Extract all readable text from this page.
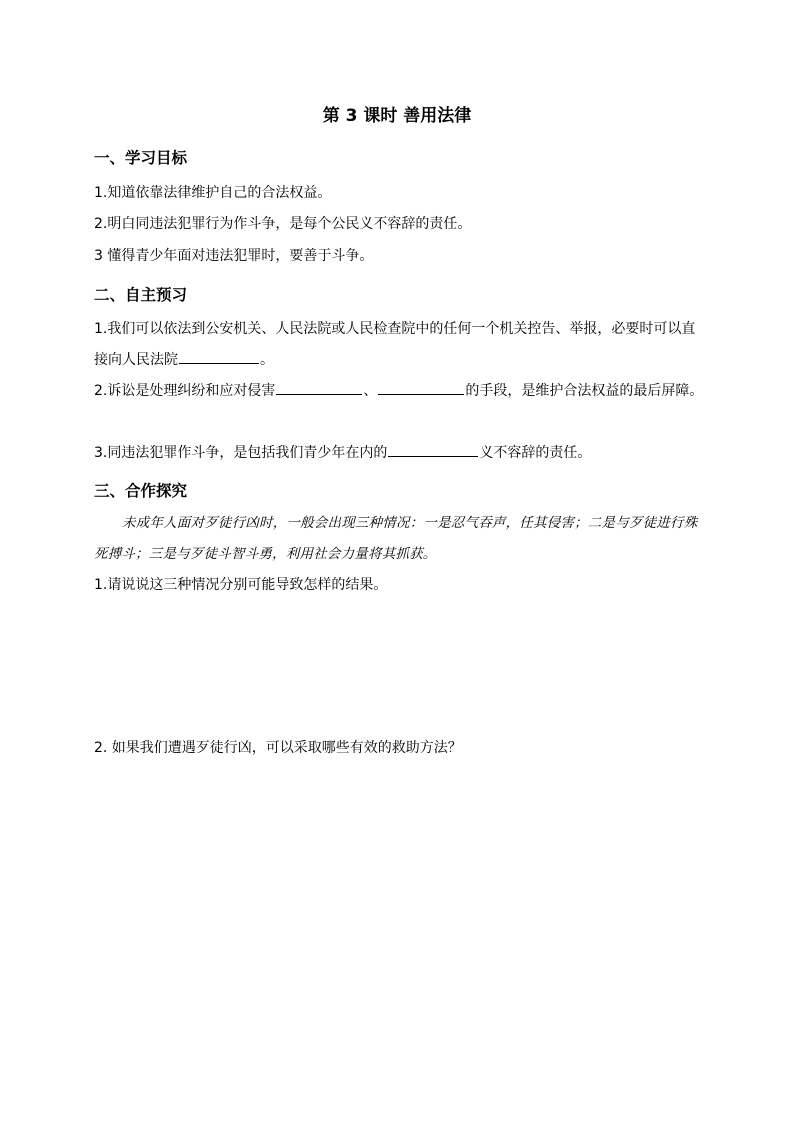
第 3 课时 善用法律
一、学习目标
1.知道依靠法律维护自己的合法权益。
2.明白同违法犯罪行为作斗争，是每个公民义不容辞的责任。
3 懂得青少年面对违法犯罪时，要善于斗争。
二、自主预习
1.我们可以依法到公安机关、人民法院或人民检查院中的任何一个机关控告、举报，必要时可以直接向人民法院	。
2.诉讼是处理纠纷和应对侵害	、	的手段，是维护合法权益的最后屏障。
3.同违法犯罪作斗争，是包括我们青少年在内的	义不容辞的责任。
三、合作探究
未成年人面对歹徒行凶时，一般会出现三种情况：一是忍气吞声，任其侵害；二是与歹徒进行殊死搏斗；三是与歹徒斗智斗勇，利用社会力量将其抓获。
1.请说说这三种情况分别可能导致怎样的结果。
2. 如果我们遭遇歹徒行凶，可以采取哪些有效的救助方法？
